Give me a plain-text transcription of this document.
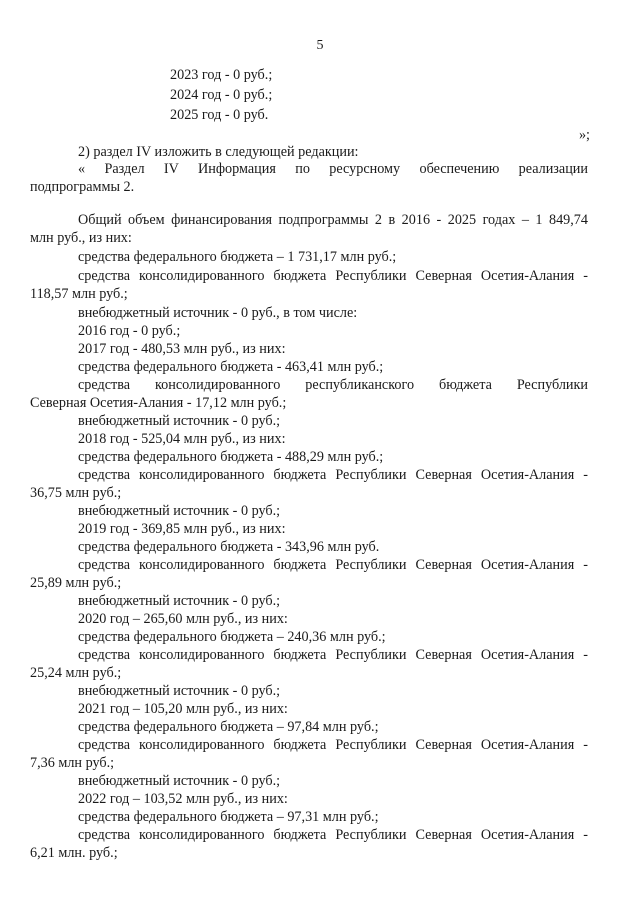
5
2023 год - 0 руб.;
2024 год - 0 руб.;
2025 год - 0 руб.
»;
2) раздел IV изложить в следующей редакции:
« Раздел IV Информация по ресурсному обеспечению реализации
подпрограммы 2.
Общий объем финансирования подпрограммы 2 в 2016 - 2025 годах – 1 849,74
млн руб., из них:
средства федерального бюджета – 1 731,17 млн руб.;
средства консолидированного бюджета Республики Северная Осетия-Алания -
118,57 млн руб.;
внебюджетный источник - 0 руб., в том числе:
2016 год - 0 руб.;
2017 год - 480,53 млн руб., из них:
средства федерального бюджета - 463,41 млн руб.;
средства консолидированного республиканского бюджета Республики
Северная Осетия-Алания - 17,12 млн руб.;
внебюджетный источник - 0 руб.;
2018 год - 525,04 млн руб., из них:
средства федерального бюджета - 488,29 млн руб.;
средства консолидированного бюджета Республики Северная Осетия-Алания -
36,75 млн руб.;
внебюджетный источник - 0 руб.;
2019 год - 369,85 млн руб., из них:
средства федерального бюджета - 343,96 млн руб.
средства консолидированного бюджета Республики Северная Осетия-Алания -
25,89 млн руб.;
внебюджетный источник - 0 руб.;
2020 год – 265,60 млн руб., из них:
средства федерального бюджета – 240,36 млн руб.;
средства консолидированного бюджета Республики Северная Осетия-Алания -
25,24 млн руб.;
внебюджетный источник - 0 руб.;
2021 год – 105,20 млн руб., из них:
средства федерального бюджета – 97,84 млн руб.;
средства консолидированного бюджета Республики Северная Осетия-Алания -
7,36 млн руб.;
внебюджетный источник - 0 руб.;
2022 год – 103,52 млн руб., из них:
средства федерального бюджета – 97,31 млн руб.;
средства консолидированного бюджета Республики Северная Осетия-Алания -
6,21 млн. руб.;
